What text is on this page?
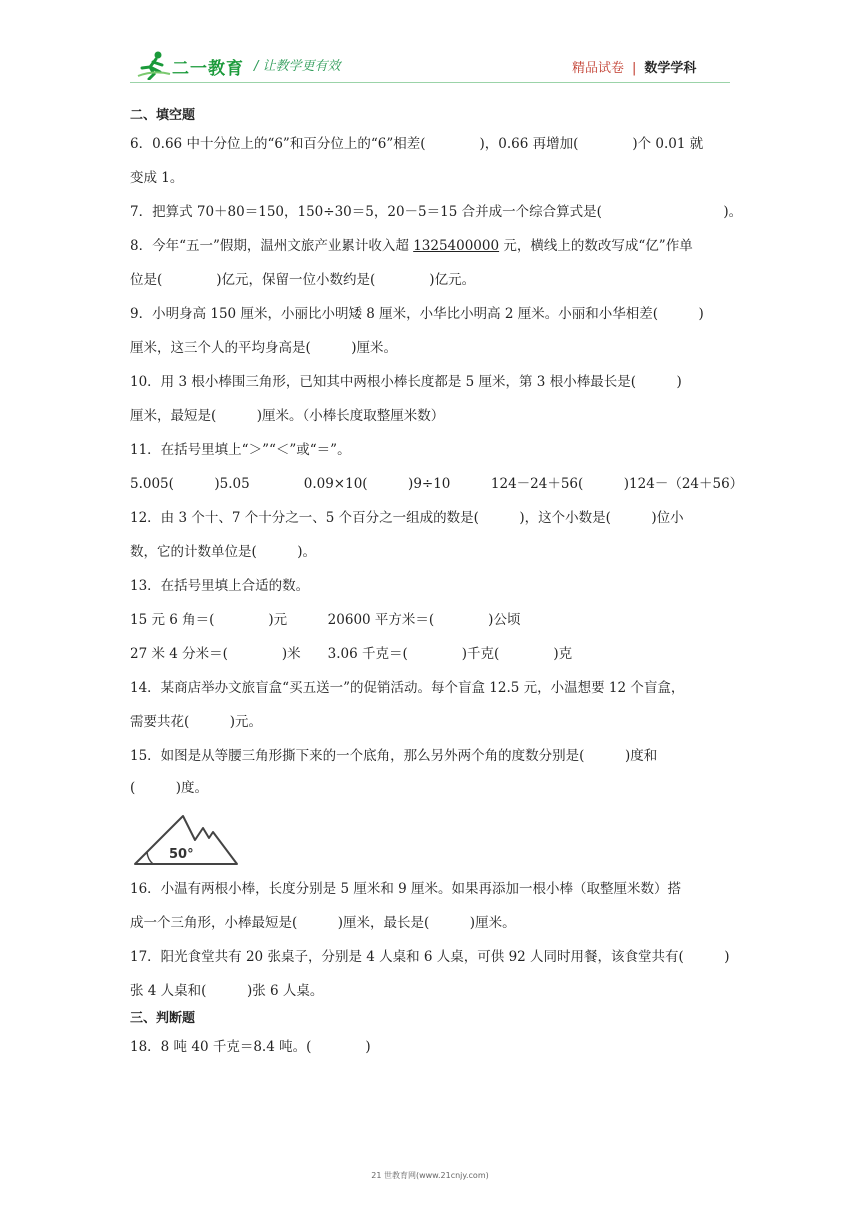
二一教育 / 让教学更有效	精品试卷 | 数学学科
二、填空题
6．0.66 中十分位上的“6”和百分位上的“6”相差(　　　　)，0.66 再增加(　　　　)个 0.01 就
变成 1。
7．把算式 70＋80＝150，150÷30＝5，20－5＝15 合并成一个综合算式是(　　　　　　　　　)。
8．今年“五一”假期，温州文旅产业累计收入超 1325400000 元，横线上的数改写成“亿”作单
位是(　　　　)亿元，保留一位小数约是(　　　　)亿元。
9．小明身高 150 厘米，小丽比小明矮 8 厘米，小华比小明高 2 厘米。小丽和小华相差(　　　)
厘米，这三个人的平均身高是(　　　)厘米。
10．用 3 根小棒围三角形，已知其中两根小棒长度都是 5 厘米，第 3 根小棒最长是(　　　)
厘米，最短是(　　　)厘米。（小棒长度取整厘米数）
11．在括号里填上“＞”“＜”或“＝”。
5.005(　　　)5.05　　　　0.09×10(　　　)9÷10　　　124－24＋56(　　　)124－（24＋56）
12．由 3 个十、7 个十分之一、5 个百分之一组成的数是(　　　)，这个小数是(　　　)位小
数，它的计数单位是(　　　)。
13．在括号里填上合适的数。
15 元 6 角＝(　　　　)元　　　20600 平方米＝(　　　　)公顷
27 米 4 分米＝(　　　　)米　　3.06 千克＝(　　　　)千克(　　　　)克
14．某商店举办文旅盲盒“买五送一”的促销活动。每个盲盒 12.5 元，小温想要 12 个盲盒，
需要共花(　　　)元。
15．如图是从等腰三角形撕下来的一个底角，那么另外两个角的度数分别是(　　　)度和
(　　　)度。
50°
16．小温有两根小棒，长度分别是 5 厘米和 9 厘米。如果再添加一根小棒（取整厘米数）搭
成一个三角形，小棒最短是(　　　)厘米，最长是(　　　)厘米。
17．阳光食堂共有 20 张桌子，分别是 4 人桌和 6 人桌，可供 92 人同时用餐，该食堂共有(　　　)
张 4 人桌和(　　　)张 6 人桌。
三、判断题
18．8 吨 40 千克＝8.4 吨。(　　　　)
21 世教育网(www.21cnjy.com)
